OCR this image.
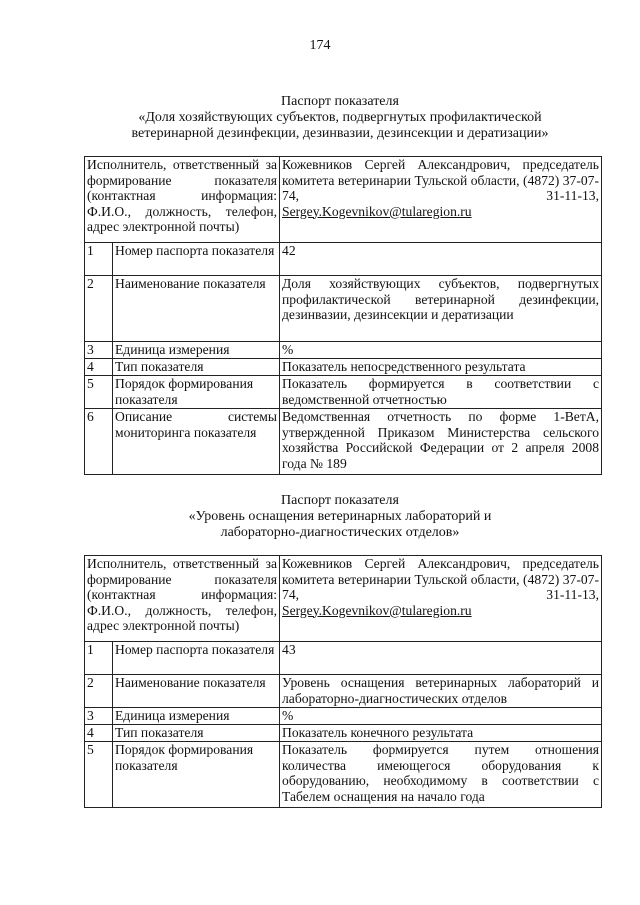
174
Паспорт показателя
«Доля хозяйствующих субъектов, подвергнутых профилактической
ветеринарной дезинфекции, дезинвазии, дезинсекции и дератизации»
Исполнитель, ответственный за формирование показателя (контактная информация: Ф.И.О., должность, телефон, адрес электронной почты)		Кожевников Сергей Александрович, председатель комитета ветеринарии Тульской области, (4872) 37-07-74, 31-11-13,
Sergey.Kogevnikov@tularegion.ru

1	Номер паспорта показателя	42
2	Наименование показателя	Доля хозяйствующих субъектов, подвергнутых профилактической ветеринарной дезинфекции, дезинвазии, дезинсекции и дератизации

3	Единица измерения	%
4	Тип показателя	Показатель непосредственного результата
5	Порядок формирования показателя	Показатель формируется в соответствии с ведомственной отчетностью

6	Описание системы мониторинга показателя	Ведомственная отчетность по форме 1-ВетА, утвержденной Приказом Министерства сельского хозяйства Российской Федерации от 2 апреля 2008 года № 189
Паспорт показателя
«Уровень оснащения ветеринарных лабораторий и
лабораторно-диагностических отделов»
Исполнитель, ответственный за формирование показателя (контактная информация: Ф.И.О., должность, телефон, адрес электронной почты)		Кожевников Сергей Александрович, председатель комитета ветеринарии Тульской области, (4872) 37-07-74, 31-11-13,
Sergey.Kogevnikov@tularegion.ru

1	Номер паспорта показателя	43
2	Наименование показателя	Уровень оснащения ветеринарных лабораторий и лабораторно-диагностических отделов

3	Единица измерения	%
4	Тип показателя	Показатель конечного результата
5	Порядок формирования показателя	Показатель формируется путем отношения количества имеющегося оборудования к оборудованию, необходимому в соответствии с Табелем оснащения на начало года
